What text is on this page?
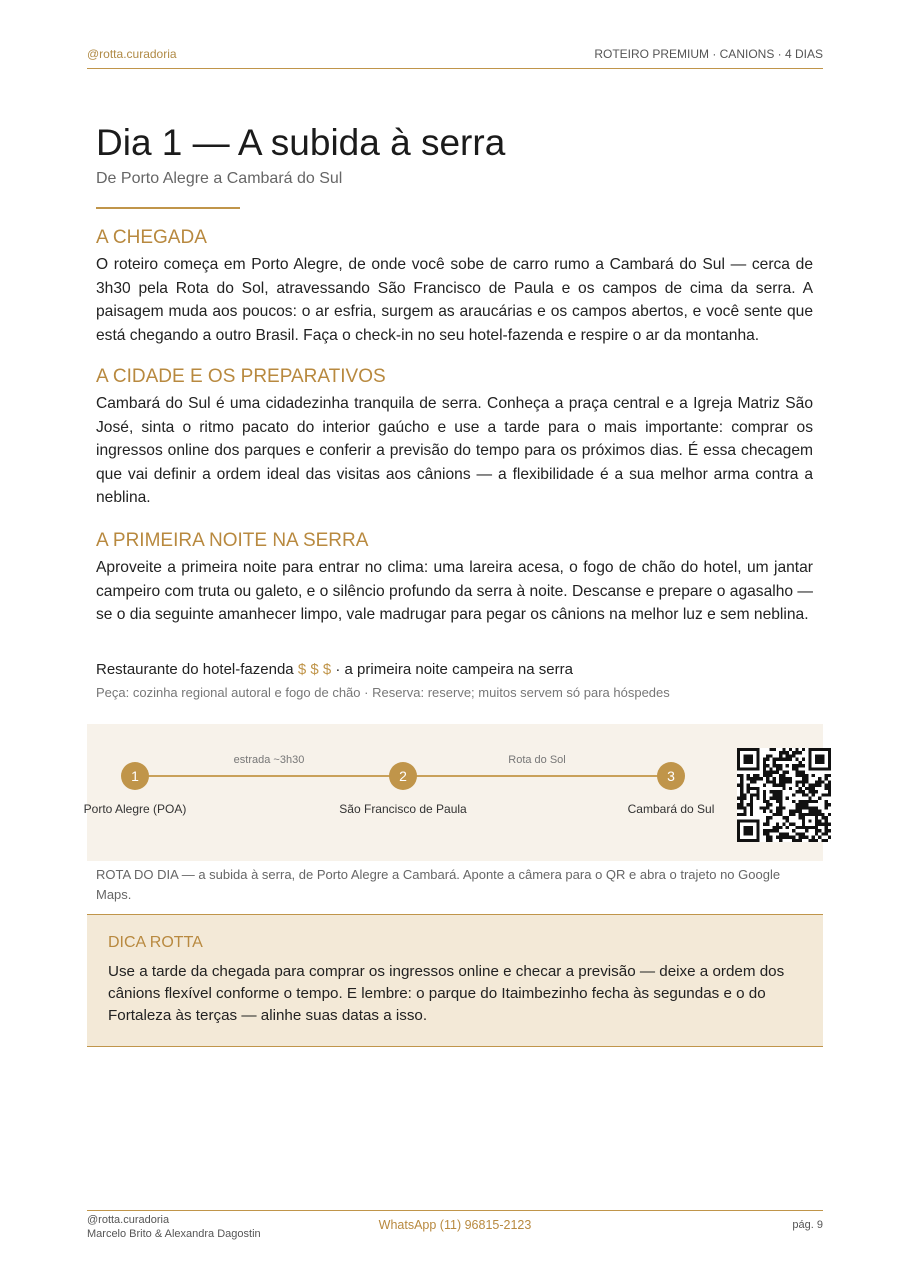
@rotta.curadoria	ROTEIRO PREMIUM · CANIONS · 4 DIAS
Dia 1 — A subida à serra
De Porto Alegre a Cambará do Sul
A CHEGADA

O roteiro começa em Porto Alegre, de onde você sobe de carro rumo a Cambará do Sul — cerca de 3h30 pela Rota do Sol, atravessando São Francisco de Paula e os campos de cima da serra. A paisagem muda aos poucos: o ar esfria, surgem as araucárias e os campos abertos, e você sente que está chegando a outro Brasil. Faça o check-in no seu hotel-fazenda e respire o ar da montanha.

A CIDADE E OS PREPARATIVOS

Cambará do Sul é uma cidadezinha tranquila de serra. Conheça a praça central e a Igreja Matriz São José, sinta o ritmo pacato do interior gaúcho e use a tarde para o mais importante: comprar os ingressos online dos parques e conferir a previsão do tempo para os próximos dias. É essa checagem que vai definir a ordem ideal das visitas aos cânions — a flexibilidade é a sua melhor arma contra a neblina.

A PRIMEIRA NOITE NA SERRA

Aproveite a primeira noite para entrar no clima: uma lareira acesa, o fogo de chão do hotel, um jantar campeiro com truta ou galeto, e o silêncio profundo da serra à noite. Descanse e prepare o agasalho — se o dia seguinte amanhecer limpo, vale madrugar para pegar os cânions na melhor luz e sem neblina.

Restaurante do hotel-fazenda $ $ $ · a primeira noite campeira na serra
Peça: cozinha regional autoral e fogo de chão · Reserva: reserve; muitos servem só para hóspedes
estrada ~3h30	Rota do Sol
1	2	3
Porto Alegre (POA)	São Francisco de Paula	Cambará do Sul
ROTA DO DIA — a subida à serra, de Porto Alegre a Cambará. Aponte a câmera para o QR e abra o trajeto no Google Maps.
DICA ROTTA

Use a tarde da chegada para comprar os ingressos online e checar a previsão — deixe a ordem dos cânions flexível conforme o tempo. E lembre: o parque do Itaimbezinho fecha às segundas e o do Fortaleza às terças — alinhe suas datas a isso.

@rotta.curadoria
Marcelo Brito & Alexandra Dagostin
WhatsApp (11) 96815-2123	pág. 9
